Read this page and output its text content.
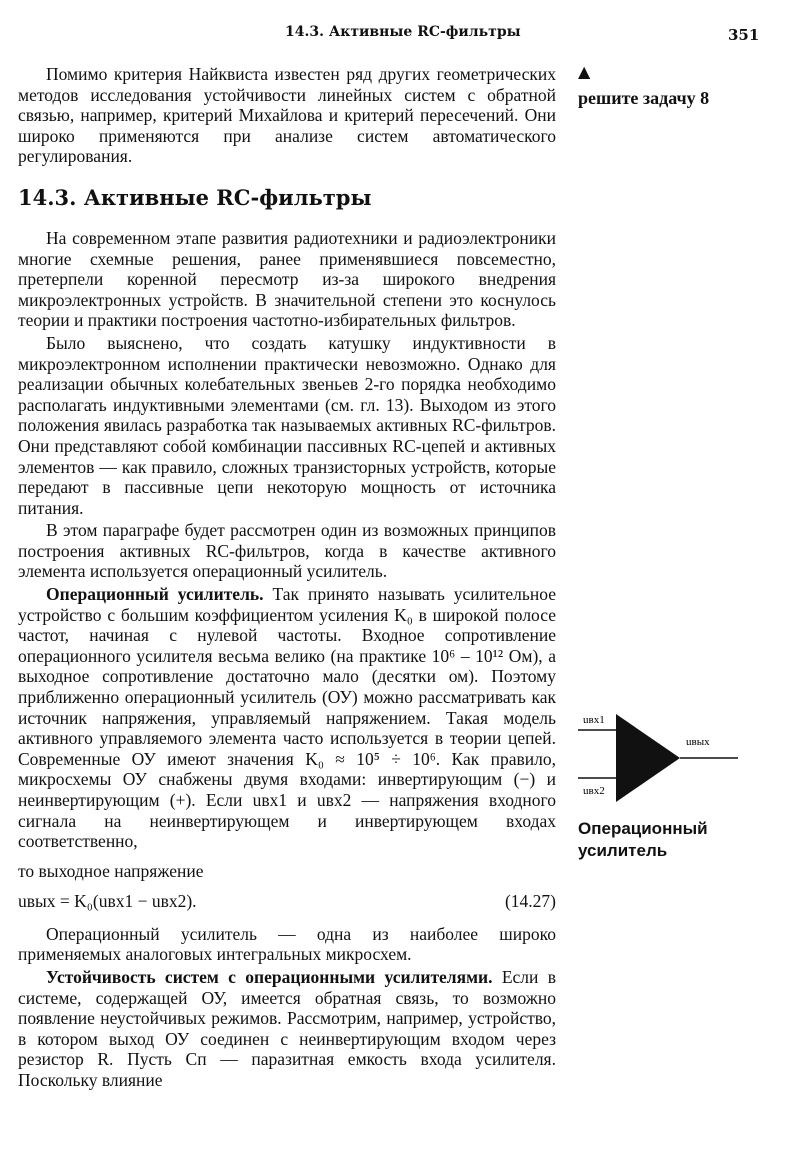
14.3. Активные RC-фильтры	351

Помимо критерия Найквиста известен ряд других геометрических методов исследования устойчивости линейных систем с обратной связью, например, критерий Михайлова и критерий пересечений. Они широко применяются при анализе систем автоматического регулирования.

14.3. Активные RC-фильтры

На современном этапе развития радиотехники и радиоэлектроники многие схемные решения, ранее применявшиеся повсеместно, претерпели коренной пересмотр из-за широкого внедрения микроэлектронных устройств. В значительной степени это коснулось теории и практики построения частотно-избирательных фильтров.

Было выяснено, что создать катушку индуктивности в микроэлектронном исполнении практически невозможно. Однако для реализации обычных колебательных звеньев 2-го порядка необходимо располагать индуктивными элементами (см. гл. 13). Выходом из этого положения явилась разработка так называемых активных RC-фильтров. Они представляют собой комбинации пассивных RC-цепей и активных элементов — как правило, сложных транзисторных устройств, которые передают в пассивные цепи некоторую мощность от источника питания.

В этом параграфе будет рассмотрен один из возможных принципов построения активных RC-фильтров, когда в качестве активного элемента используется операционный усилитель.

Операционный усилитель. Так принято называть усилительное устройство с большим коэффициентом усиления K₀ в широкой полосе частот, начиная с нулевой частоты. Входное сопротивление операционного усилителя весьма велико (на практике 10⁶ – 10¹² Ом), а выходное сопротивление достаточно мало (десятки ом). Поэтому приближенно операционный усилитель (ОУ) можно рассматривать как источник напряжения, управляемый напряжением. Такая модель активного управляемого элемента часто используется в теории цепей. Современные ОУ имеют значения K₀ ≈ 10⁵ ÷ 10⁶. Как правило, микросхемы ОУ снабжены двумя входами: инвертирующим (−) и неинвертирующим (+). Если uвх1 и uвх2 — напряжения входного сигнала на неинвертирующем и инвертирующем входах соответственно,

то выходное напряжение
uвых = K₀(uвх1 − uвх2).	(14.27)

Операционный усилитель — одна из наиболее широко применяемых аналоговых интегральных микросхем.

Устойчивость систем с операционными усилителями. Если в системе, содержащей ОУ, имеется обратная связь, то возможно появление неустойчивых режимов. Рассмотрим, например, устройство, в котором выход ОУ соединен с неинвертирующим входом через резистор R. Пусть Cп — паразитная емкость входа усилителя. Поскольку влияние

▲
решите задачу 8
uвх1
uвых
uвх2
Операционный усилитель
